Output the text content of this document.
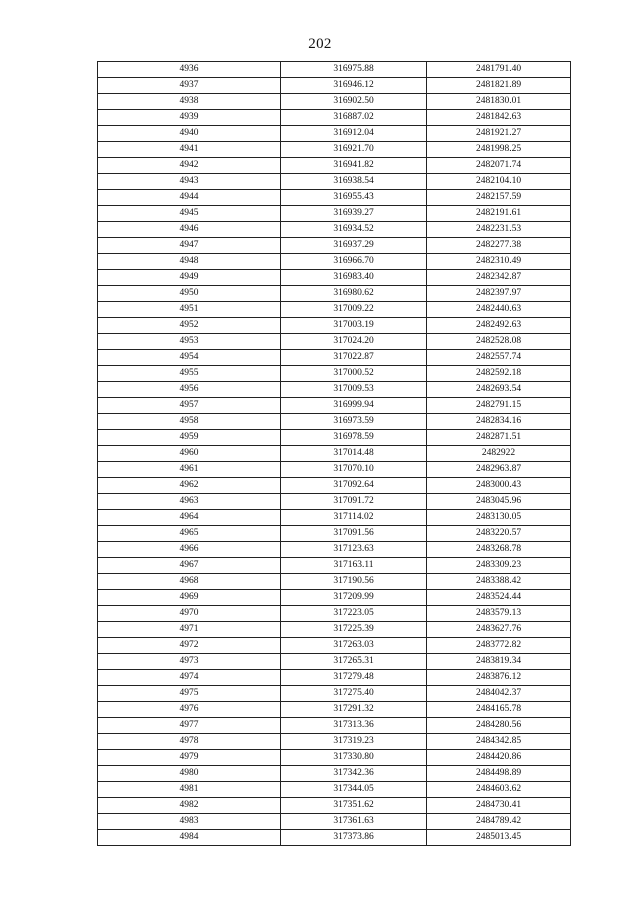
202
4936	316975.88	2481791.40
4937	316946.12	2481821.89
4938	316902.50	2481830.01
4939	316887.02	2481842.63
4940	316912.04	2481921.27
4941	316921.70	2481998.25
4942	316941.82	2482071.74
4943	316938.54	2482104.10
4944	316955.43	2482157.59
4945	316939.27	2482191.61
4946	316934.52	2482231.53
4947	316937.29	2482277.38
4948	316966.70	2482310.49
4949	316983.40	2482342.87
4950	316980.62	2482397.97
4951	317009.22	2482440.63
4952	317003.19	2482492.63
4953	317024.20	2482528.08
4954	317022.87	2482557.74
4955	317000.52	2482592.18
4956	317009.53	2482693.54
4957	316999.94	2482791.15
4958	316973.59	2482834.16
4959	316978.59	2482871.51
4960	317014.48	2482922
4961	317070.10	2482963.87
4962	317092.64	2483000.43
4963	317091.72	2483045.96
4964	317114.02	2483130.05
4965	317091.56	2483220.57
4966	317123.63	2483268.78
4967	317163.11	2483309.23
4968	317190.56	2483388.42
4969	317209.99	2483524.44
4970	317223.05	2483579.13
4971	317225.39	2483627.76
4972	317263.03	2483772.82
4973	317265.31	2483819.34
4974	317279.48	2483876.12
4975	317275.40	2484042.37
4976	317291.32	2484165.78
4977	317313.36	2484280.56
4978	317319.23	2484342.85
4979	317330.80	2484420.86
4980	317342.36	2484498.89
4981	317344.05	2484603.62
4982	317351.62	2484730.41
4983	317361.63	2484789.42
4984	317373.86	2485013.45
